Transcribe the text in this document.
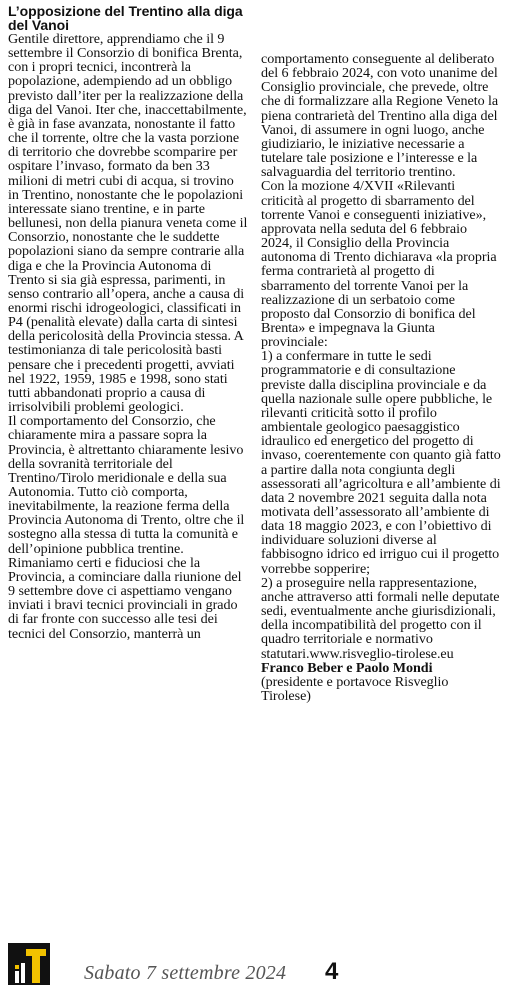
L’opposizione del Trentino alla diga del Vanoi

Gentile direttore, apprendiamo che il 9 settembre il Consorzio di bonifica Brenta, con i propri tecnici, incontrerà la popolazione, adempiendo ad un obbligo previsto dall’iter per la realizzazione della diga del Vanoi. Iter che, inaccettabilmente, è già in fase avanzata, nonostante il fatto che il torrente, oltre che la vasta porzione di territorio che dovrebbe scomparire per ospitare l’invaso, formato da ben 33 milioni di metri cubi di acqua, si trovino in Trentino, nonostante che le popolazioni interessate siano trentine, e in parte bellunesi, non della pianura veneta come il Consorzio, nonostante che le suddette popolazioni siano da sempre contrarie alla diga e che la Provincia Autonoma di Trento si sia già espressa, parimenti, in senso contrario all’opera, anche a causa di enormi rischi idrogeologici, classificati in P4 (penalità elevate) dalla carta di sintesi della pericolosità della Provincia stessa. A testimonianza di tale pericolosità basti pensare che i precedenti progetti, avviati nel 1922, 1959, 1985 e 1998, sono stati tutti abbandonati proprio a causa di irrisolvibili problemi geologici.

Il comportamento del Consorzio, che chiaramente mira a passare sopra la Provincia, è altrettanto chiaramente lesivo della sovranità territoriale del Trentino/Tirolo meridionale e della sua Autonomia. Tutto ciò comporta, inevitabilmente, la reazione ferma della Provincia Autonoma di Trento, oltre che il sostegno alla stessa di tutta la comunità e dell’opinione pubblica trentine. Rimaniamo certi e fiduciosi che la Provincia, a cominciare dalla riunione del 9 settembre dove ci aspettiamo vengano inviati i bravi tecnici provinciali in grado di far fronte con successo alle tesi dei tecnici del Consorzio, manterrà un

comportamento conseguente al deliberato del 6 febbraio 2024, con voto unanime del Consiglio provinciale, che prevede, oltre che di formalizzare alla Regione Veneto la piena contrarietà del Trentino alla diga del Vanoi, di assumere in ogni luogo, anche giudiziario, le iniziative necessarie a tutelare tale posizione e l’interesse e la salvaguardia del territorio trentino.

Con la mozione 4/XVII «Rilevanti criticità al progetto di sbarramento del torrente Vanoi e conseguenti iniziative», approvata nella seduta del 6 febbraio 2024, il Consiglio della Provincia autonoma di Trento dichiarava «la propria ferma contrarietà al progetto di sbarramento del torrente Vanoi per la realizzazione di un serbatoio come proposto dal Consorzio di bonifica del Brenta» e impegnava la Giunta provinciale:

1) a confermare in tutte le sedi programmatorie e di consultazione previste dalla disciplina provinciale e da quella nazionale sulle opere pubbliche, le rilevanti criticità sotto il profilo ambientale geologico paesaggistico idraulico ed energetico del progetto di invaso, coerentemente con quanto già fatto a partire dalla nota congiunta degli assessorati all’agricoltura e all’ambiente di data 2 novembre 2021 seguita dalla nota motivata dell’assessorato all’ambiente di data 18 maggio 2023, e con l’obiettivo di individuare soluzioni diverse al fabbisogno idrico ed irriguo cui il progetto vorrebbe sopperire;

2) a proseguire nella rappresentazione, anche attraverso atti formali nelle deputate sedi, eventualmente anche giurisdizionali, della incompatibilità del progetto con il quadro territoriale e normativo statutari.www.risveglio-tirolese.eu

Franco Beber e Paolo Mondi

(presidente e portavoce Risveglio Tirolese)

Sabato 7 settembre 2024 4
